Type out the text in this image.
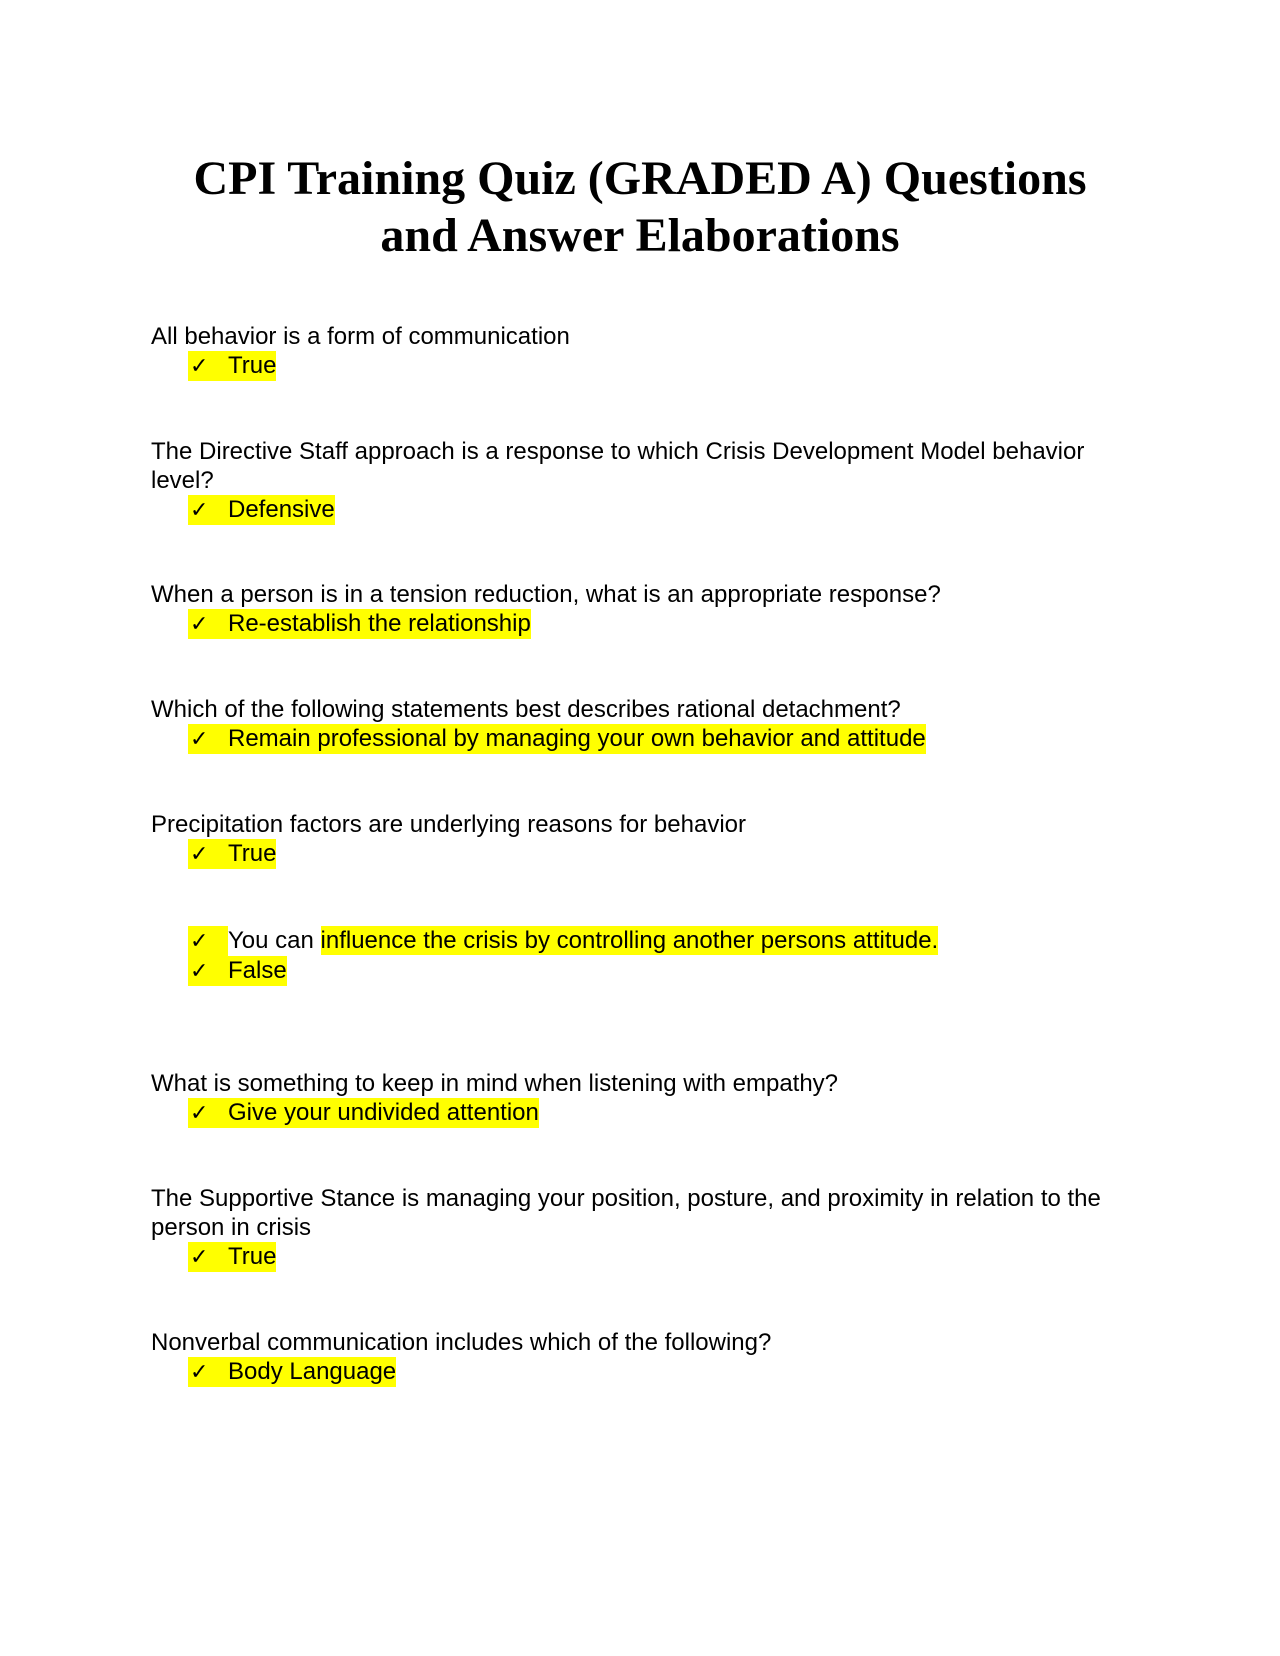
CPI Training Quiz (GRADED A) Questions
and Answer Elaborations

All behavior is a form of communication

✓ True

The Directive Staff approach is a response to which Crisis Development Model behavior level?

✓ Defensive

When a person is in a tension reduction, what is an appropriate response?

✓ Re-establish the relationship

Which of the following statements best describes rational detachment?

✓ Remain professional by managing your own behavior and attitude

Precipitation factors are underlying reasons for behavior

✓ True

✓ You can influence the crisis by controlling another persons attitude.

✓ False

What is something to keep in mind when listening with empathy?

✓ Give your undivided attention

The Supportive Stance is managing your position, posture, and proximity in relation to the person in crisis

✓ True

Nonverbal communication includes which of the following?

✓ Body Language
